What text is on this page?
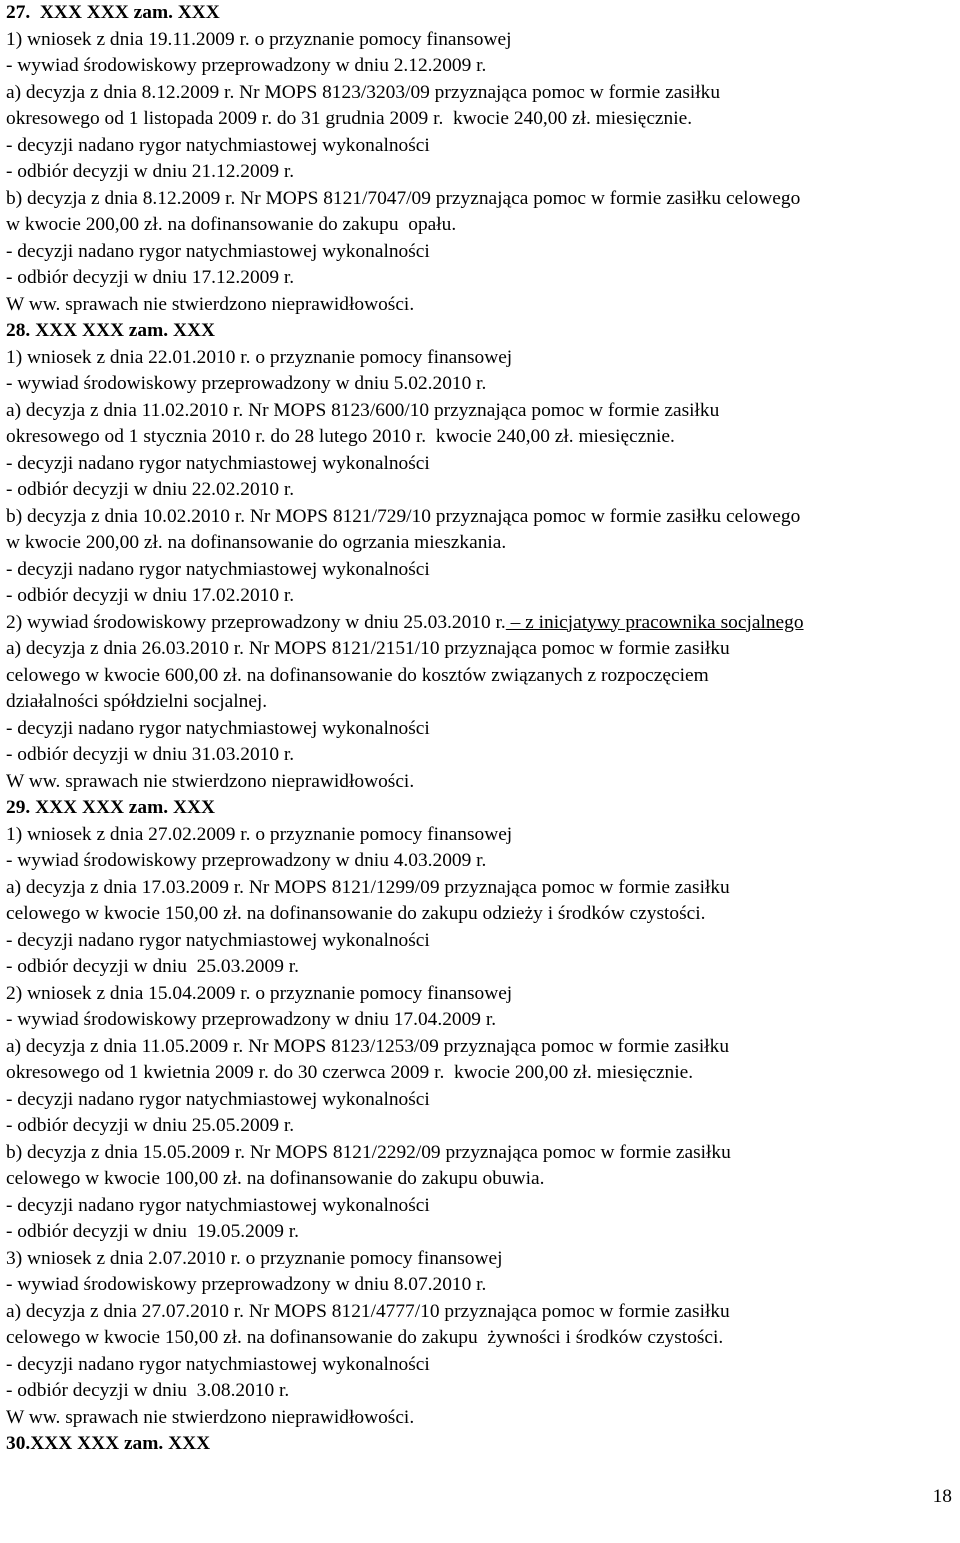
27.  XXX XXX zam. XXX
1) wniosek z dnia 19.11.2009 r. o przyznanie pomocy finansowej
- wywiad środowiskowy przeprowadzony w dniu 2.12.2009 r.
a) decyzja z dnia 8.12.2009 r. Nr MOPS 8123/3203/09 przyznająca pomoc w formie zasiłku
okresowego od 1 listopada 2009 r. do 31 grudnia 2009 r.  kwocie 240,00 zł. miesięcznie.
- decyzji nadano rygor natychmiastowej wykonalności
- odbiór decyzji w dniu 21.12.2009 r.
b) decyzja z dnia 8.12.2009 r. Nr MOPS 8121/7047/09 przyznająca pomoc w formie zasiłku celowego
w kwocie 200,00 zł. na dofinansowanie do zakupu  opału.
- decyzji nadano rygor natychmiastowej wykonalności
- odbiór decyzji w dniu 17.12.2009 r.
W ww. sprawach nie stwierdzono nieprawidłowości.
28. XXX XXX zam. XXX
1) wniosek z dnia 22.01.2010 r. o przyznanie pomocy finansowej
- wywiad środowiskowy przeprowadzony w dniu 5.02.2010 r.
a) decyzja z dnia 11.02.2010 r. Nr MOPS 8123/600/10 przyznająca pomoc w formie zasiłku
okresowego od 1 stycznia 2010 r. do 28 lutego 2010 r.  kwocie 240,00 zł. miesięcznie.
- decyzji nadano rygor natychmiastowej wykonalności
- odbiór decyzji w dniu 22.02.2010 r.
b) decyzja z dnia 10.02.2010 r. Nr MOPS 8121/729/10 przyznająca pomoc w formie zasiłku celowego
w kwocie 200,00 zł. na dofinansowanie do ogrzania mieszkania.
- decyzji nadano rygor natychmiastowej wykonalności
- odbiór decyzji w dniu 17.02.2010 r.
2) wywiad środowiskowy przeprowadzony w dniu 25.03.2010 r. – z inicjatywy pracownika socjalnego
a) decyzja z dnia 26.03.2010 r. Nr MOPS 8121/2151/10 przyznająca pomoc w formie zasiłku
celowego w kwocie 600,00 zł. na dofinansowanie do kosztów związanych z rozpoczęciem
działalności spółdzielni socjalnej.
- decyzji nadano rygor natychmiastowej wykonalności
- odbiór decyzji w dniu 31.03.2010 r.
W ww. sprawach nie stwierdzono nieprawidłowości.
29. XXX XXX zam. XXX
1) wniosek z dnia 27.02.2009 r. o przyznanie pomocy finansowej
- wywiad środowiskowy przeprowadzony w dniu 4.03.2009 r.
a) decyzja z dnia 17.03.2009 r. Nr MOPS 8121/1299/09 przyznająca pomoc w formie zasiłku
celowego w kwocie 150,00 zł. na dofinansowanie do zakupu odzieży i środków czystości.
- decyzji nadano rygor natychmiastowej wykonalności
- odbiór decyzji w dniu  25.03.2009 r.
2) wniosek z dnia 15.04.2009 r. o przyznanie pomocy finansowej
- wywiad środowiskowy przeprowadzony w dniu 17.04.2009 r.
a) decyzja z dnia 11.05.2009 r. Nr MOPS 8123/1253/09 przyznająca pomoc w formie zasiłku
okresowego od 1 kwietnia 2009 r. do 30 czerwca 2009 r.  kwocie 200,00 zł. miesięcznie.
- decyzji nadano rygor natychmiastowej wykonalności
- odbiór decyzji w dniu 25.05.2009 r.
b) decyzja z dnia 15.05.2009 r. Nr MOPS 8121/2292/09 przyznająca pomoc w formie zasiłku
celowego w kwocie 100,00 zł. na dofinansowanie do zakupu obuwia.
- decyzji nadano rygor natychmiastowej wykonalności
- odbiór decyzji w dniu  19.05.2009 r.
3) wniosek z dnia 2.07.2010 r. o przyznanie pomocy finansowej
- wywiad środowiskowy przeprowadzony w dniu 8.07.2010 r.
a) decyzja z dnia 27.07.2010 r. Nr MOPS 8121/4777/10 przyznająca pomoc w formie zasiłku
celowego w kwocie 150,00 zł. na dofinansowanie do zakupu  żywności i środków czystości.
- decyzji nadano rygor natychmiastowej wykonalności
- odbiór decyzji w dniu  3.08.2010 r.
W ww. sprawach nie stwierdzono nieprawidłowości.
30.XXX XXX zam. XXX
18
